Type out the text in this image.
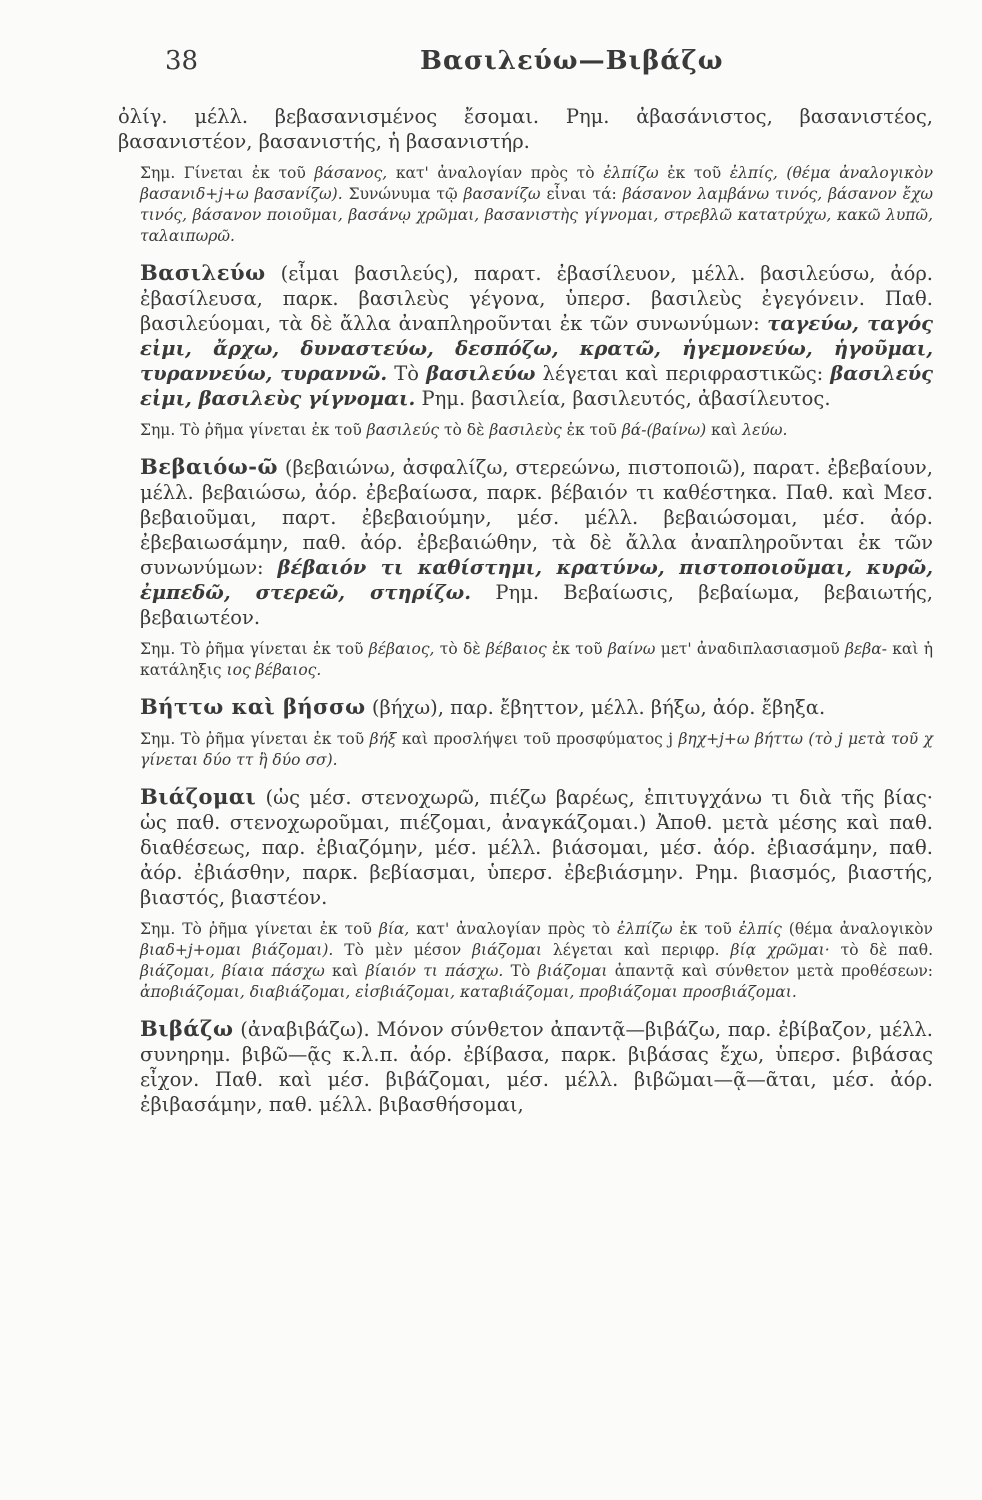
38	Βασιλεύω—Βιβάζω

ὀλίγ. μέλλ. βεβασανισμένος ἔσομαι. Ρημ. ἀβασάνιστος, βασανιστέος, βασανιστέον, βασανιστής, ἡ βασανιστήρ.

Σημ. Γίνεται ἐκ τοῦ βάσανος, κατ' ἀναλογίαν πρὸς τὸ ἐλπίζω ἐκ τοῦ ἐλπίς, (θέμα ἀναλογικὸν βασανιδ+j+ω βασανίζω). Συνώνυμα τῷ βασανίζω εἶναι τά: βάσανον λαμβάνω τινός, βάσανον ἔχω τινός, βάσανον ποιοῦμαι, βασάνῳ χρῶμαι, βασανιστὴς γίγνομαι, στρεβλῶ κατατρύχω, κακῶ λυπῶ, ταλαιπωρῶ.

Βασιλεύω (εἶμαι βασιλεύς), παρατ. ἐβασίλευον, μέλλ. βασιλεύσω, ἀόρ. ἐβασίλευσα, παρκ. βασιλεὺς γέγονα, ὑπερσ. βασιλεὺς ἐγεγόνειν. Παθ. βασιλεύομαι, τὰ δὲ ἄλλα ἀναπληροῦνται ἐκ τῶν συνωνύμων: ταγεύω, ταγός εἰμι, ἄρχω, δυναστεύω, δεσπόζω, κρατῶ, ἡγεμονεύω, ἡγοῦμαι, τυραννεύω, τυραννῶ. Τὸ βασιλεύω λέγεται καὶ περιφραστικῶς: βασιλεύς εἰμι, βασιλεὺς γίγνομαι. Ρημ. βασιλεία, βασιλευτός, ἀβασίλευτος.

Σημ. Τὸ ῥῆμα γίνεται ἐκ τοῦ βασιλεύς τὸ δὲ βασιλεὺς ἐκ τοῦ βά-(βαίνω) καὶ λεύω.

Βεβαιόω-ῶ (βεβαιώνω, ἀσφαλίζω, στερεώνω, πιστοποιῶ), παρατ. ἐβεβαίουν, μέλλ. βεβαιώσω, ἀόρ. ἐβεβαίωσα, παρκ. βέβαιόν τι καθέστηκα. Παθ. καὶ Μεσ. βεβαιοῦμαι, παρτ. ἐβεβαιούμην, μέσ. μέλλ. βεβαιώσομαι, μέσ. ἀόρ. ἐβεβαιωσάμην, παθ. ἀόρ. ἐβεβαιώθην, τὰ δὲ ἄλλα ἀναπληροῦνται ἐκ τῶν συνωνύμων: βέβαιόν τι καθίστημι, κρατύνω, πιστοποιοῦμαι, κυρῶ, ἐμπεδῶ, στερεῶ, στηρίζω. Ρημ. Βεβαίωσις, βεβαίωμα, βεβαιωτής, βεβαιωτέον.

Σημ. Τὸ ῥῆμα γίνεται ἐκ τοῦ βέβαιος, τὸ δὲ βέβαιος ἐκ τοῦ βαίνω μετ' ἀναδιπλασιασμοῦ βεβα- καὶ ἡ κατάληξις ιος βέβαιος.

Βήττω καὶ βήσσω (βήχω), παρ. ἔβηττον, μέλλ. βήξω, ἀόρ. ἔβηξα.

Σημ. Τὸ ῥῆμα γίνεται ἐκ τοῦ βήξ καὶ προσλήψει τοῦ προσφύματος j βηχ+j+ω βήττω (τὸ j μετὰ τοῦ χ γίνεται δύο ττ ἢ δύο σσ).

Βιάζομαι (ὡς μέσ. στενοχωρῶ, πιέζω βαρέως, ἐπιτυγχάνω τι διὰ τῆς βίας· ὡς παθ. στενοχωροῦμαι, πιέζομαι, ἀναγκάζομαι.) Ἀποθ. μετὰ μέσης καὶ παθ. διαθέσεως, παρ. ἐβιαζόμην, μέσ. μέλλ. βιάσομαι, μέσ. ἀόρ. ἐβιασάμην, παθ. ἀόρ. ἐβιάσθην, παρκ. βεβίασμαι, ὑπερσ. ἐβεβιάσμην. Ρημ. βιασμός, βιαστής, βιαστός, βιαστέον.

Σημ. Τὸ ῥῆμα γίνεται ἐκ τοῦ βία, κατ' ἀναλογίαν πρὸς τὸ ἐλπίζω ἐκ τοῦ ἐλπίς (θέμα ἀναλογικὸν βιαδ+j+ομαι βιάζομαι). Τὸ μὲν μέσον βιάζομαι λέγεται καὶ περιφρ. βίᾳ χρῶμαι· τὸ δὲ παθ. βιάζομαι, βίαια πάσχω καὶ βίαιόν τι πάσχω. Τὸ βιάζομαι ἀπαντᾷ καὶ σύνθετον μετὰ προθέσεων: ἀποβιάζομαι, διαβιάζομαι, εἰσβιάζομαι, καταβιάζομαι, προβιάζομαι προσβιάζομαι.

Βιβάζω (ἀναβιβάζω). Μόνον σύνθετον ἀπαντᾷ—βιβάζω, παρ. ἐβίβαζον, μέλλ. συνηρημ. βιβῶ—ᾷς κ.λ.π. ἀόρ. ἐβίβασα, παρκ. βιβάσας ἔχω, ὑπερσ. βιβάσας εἶχον. Παθ. καὶ μέσ. βιβάζομαι, μέσ. μέλλ. βιβῶμαι—ᾷ—ᾶται, μέσ. ἀόρ. ἐβιβασάμην, παθ. μέλλ. βιβασθήσομαι,
